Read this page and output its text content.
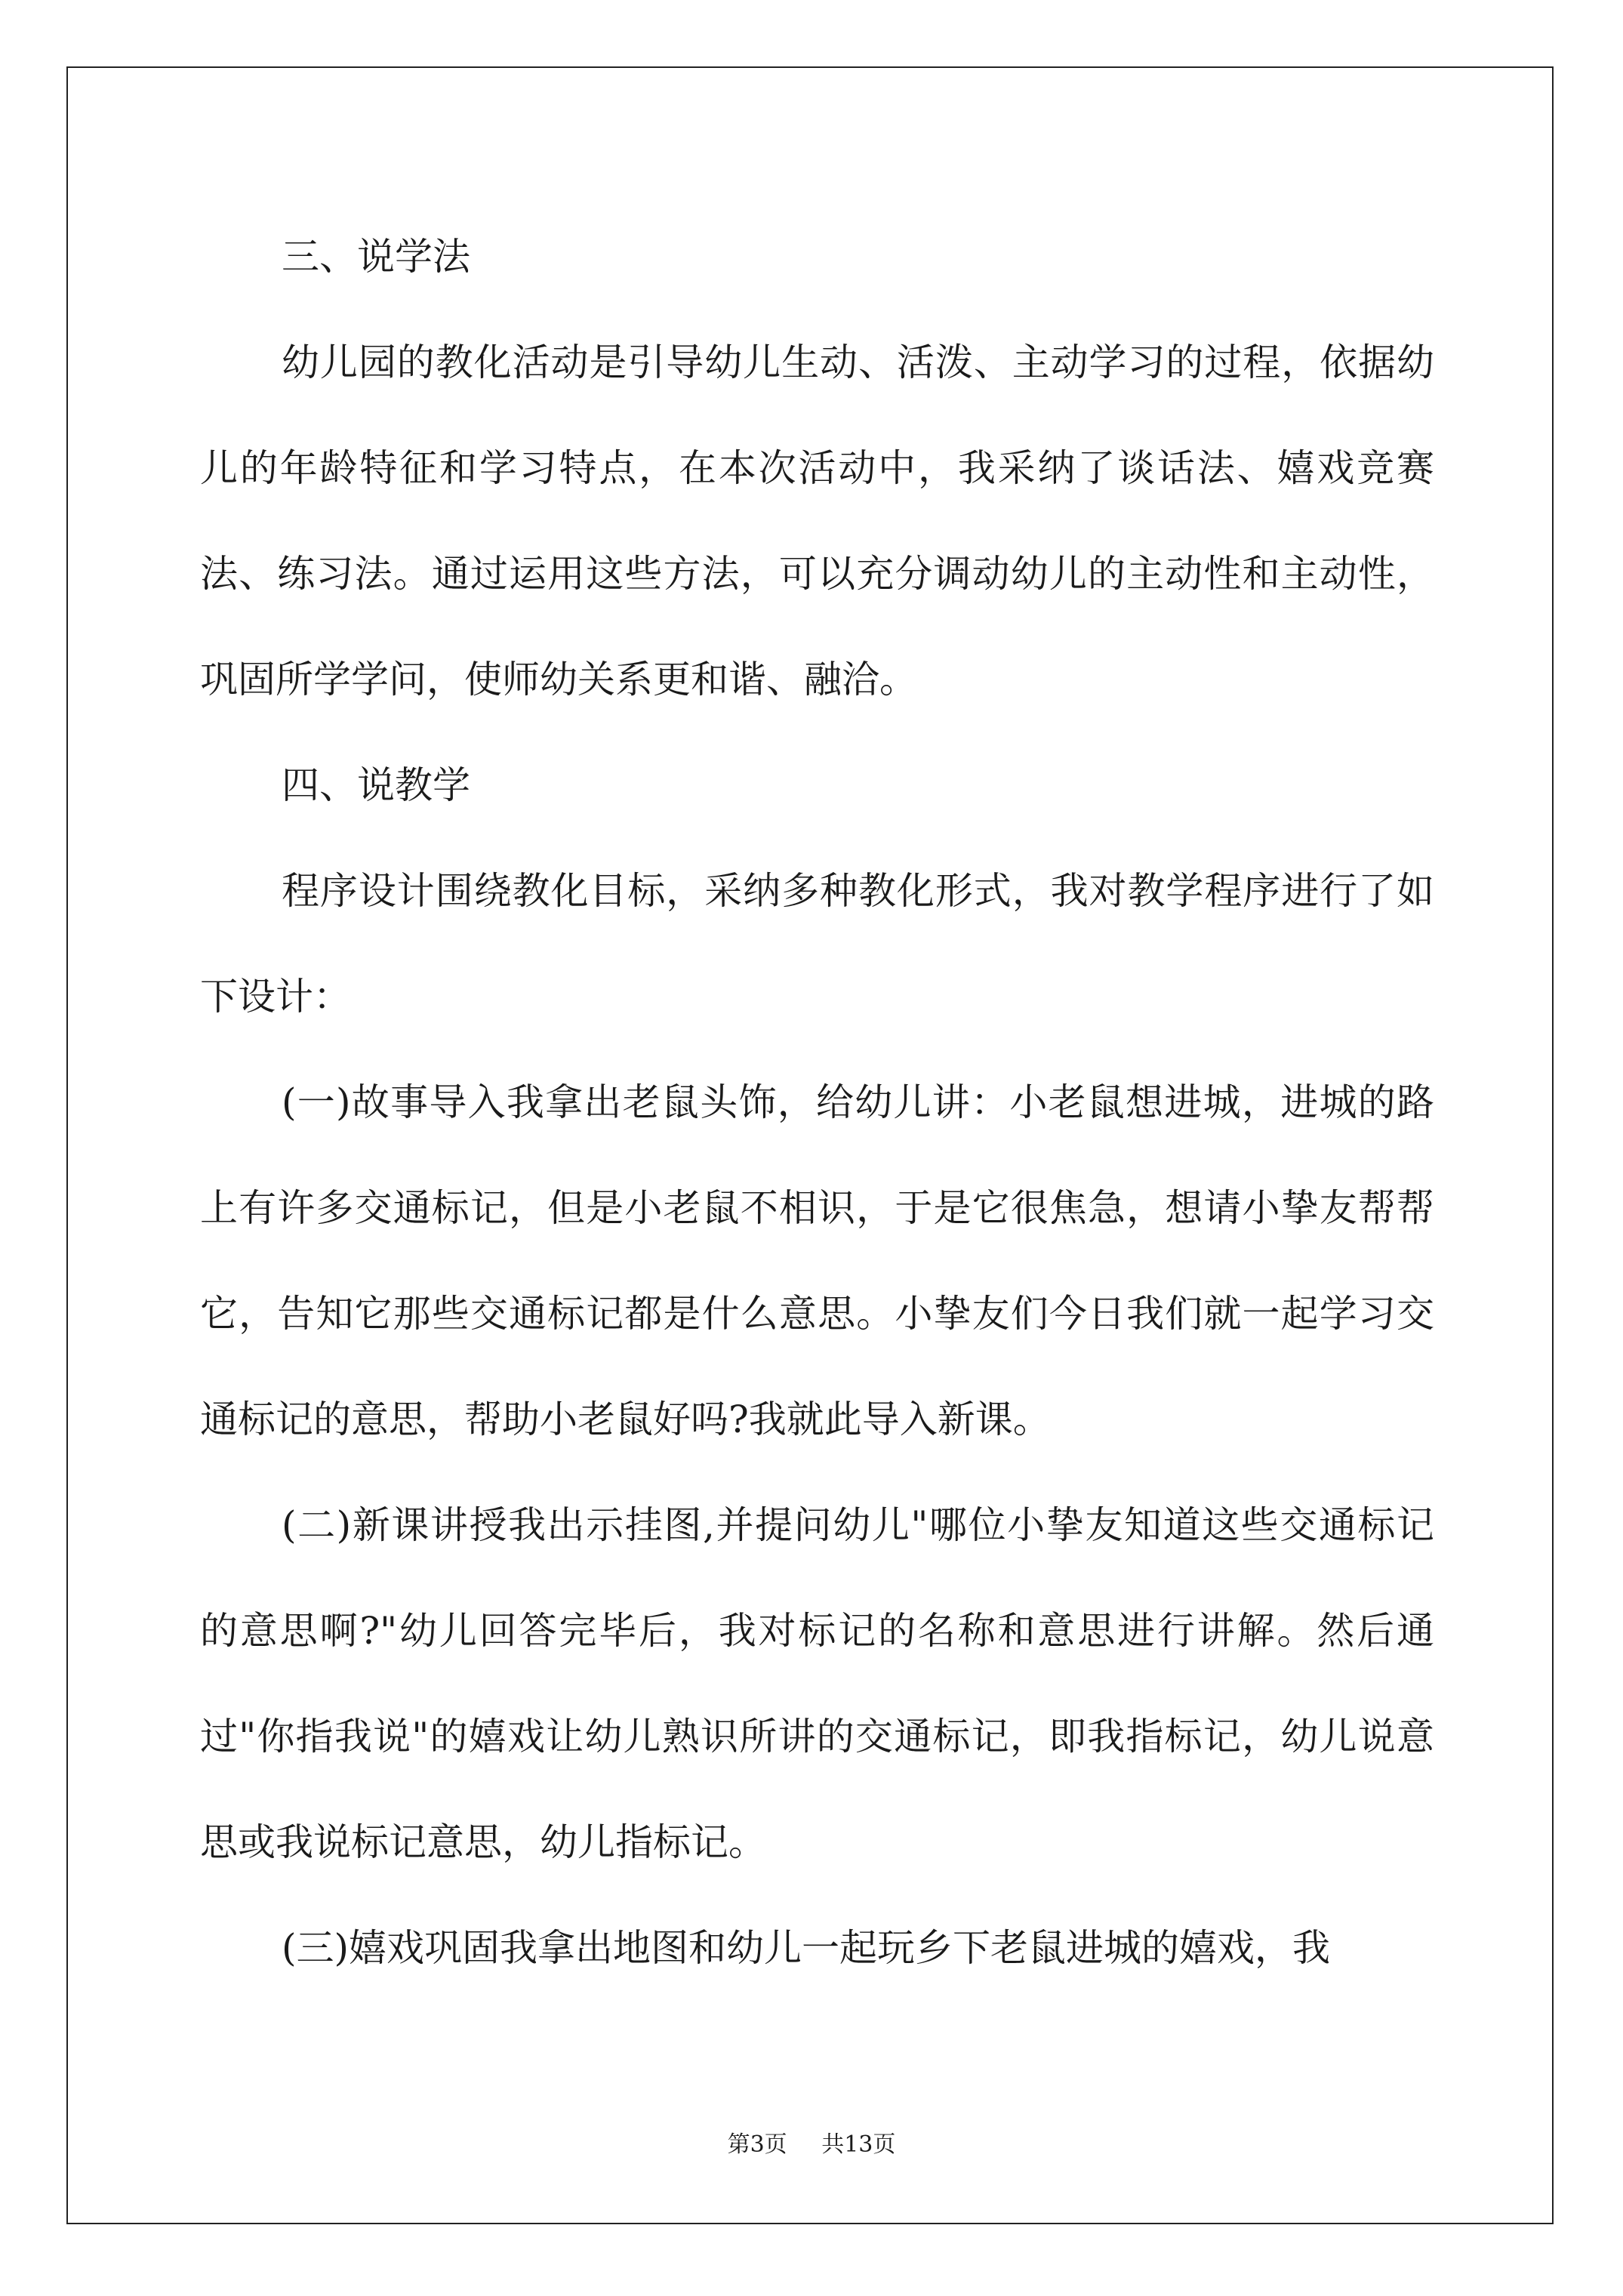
三、说学法

幼儿园的教化活动是引导幼儿生动、活泼、主动学习的过程，依据幼儿的年龄特征和学习特点，在本次活动中，我采纳了谈话法、嬉戏竞赛法、练习法。通过运用这些方法，可以充分调动幼儿的主动性和主动性，巩固所学学问，使师幼关系更和谐、融洽。

四、说教学

程序设计围绕教化目标，采纳多种教化形式，我对教学程序进行了如下设计：

(一)故事导入我拿出老鼠头饰，给幼儿讲：小老鼠想进城，进城的路上有许多交通标记，但是小老鼠不相识，于是它很焦急，想请小挚友帮帮它，告知它那些交通标记都是什么意思。小挚友们今日我们就一起学习交通标记的意思，帮助小老鼠好吗?我就此导入新课。

(二)新课讲授我出示挂图,并提问幼儿"哪位小挚友知道这些交通标记的意思啊?"幼儿回答完毕后，我对标记的名称和意思进行讲解。然后通过"你指我说"的嬉戏让幼儿熟识所讲的交通标记，即我指标记，幼儿说意思或我说标记意思，幼儿指标记。

(三)嬉戏巩固我拿出地图和幼儿一起玩乡下老鼠进城的嬉戏，我

第3页 共13页
